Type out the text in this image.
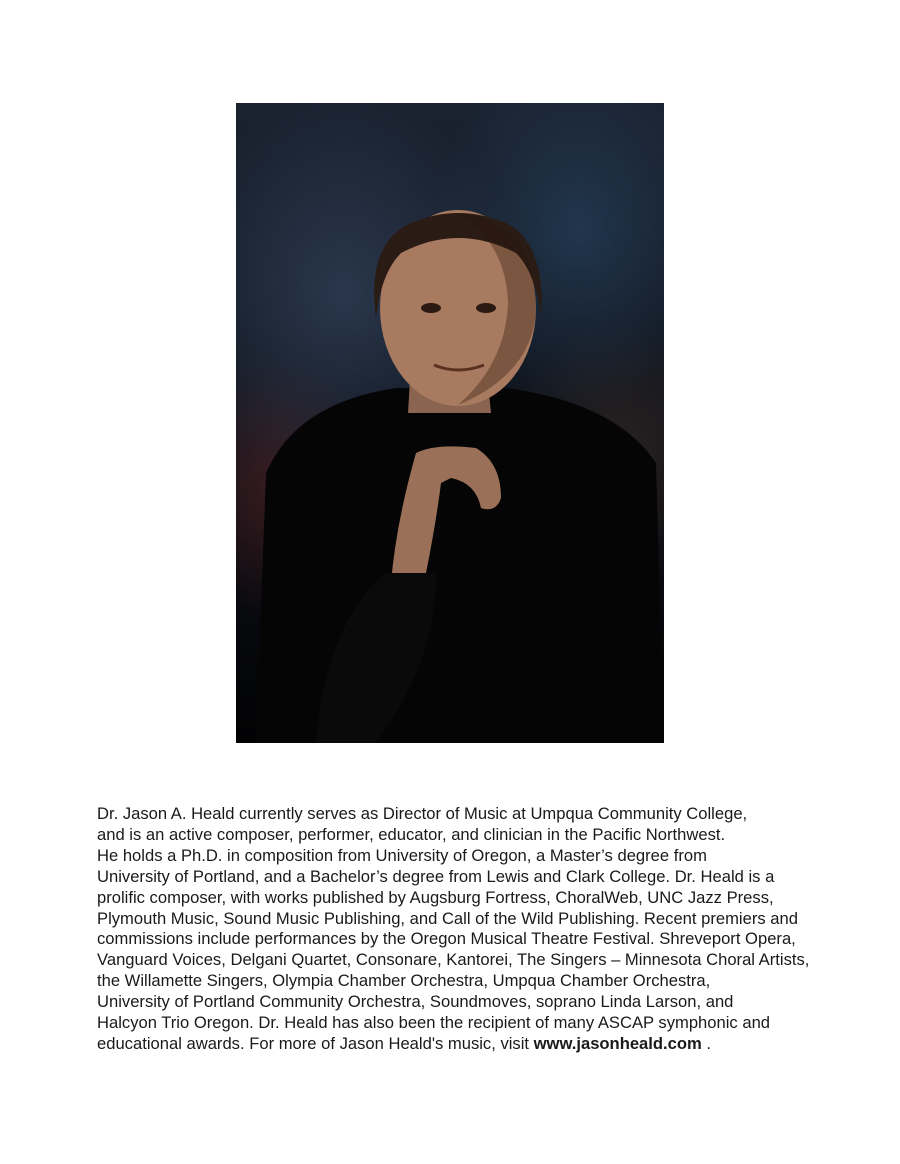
Dr. Jason A. Heald currently serves as Director of Music at Umpqua Community College,
and is an active composer, performer, educator, and clinician in the Pacific Northwest.
He holds a Ph.D. in composition from University of Oregon, a Master’s degree from
University of Portland, and a Bachelor’s degree from Lewis and Clark College. Dr. Heald is a
prolific composer, with works published by Augsburg Fortress, ChoralWeb, UNC Jazz Press,
Plymouth Music, Sound Music Publishing, and Call of the Wild Publishing. Recent premiers and
commissions include performances by the Oregon Musical Theatre Festival. Shreveport Opera,
Vanguard Voices, Delgani Quartet, Consonare, Kantorei, The Singers – Minnesota Choral Artists,
the Willamette Singers, Olympia Chamber Orchestra, Umpqua Chamber Orchestra,
University of Portland Community Orchestra, Soundmoves, soprano Linda Larson, and
Halcyon Trio Oregon. Dr. Heald has also been the recipient of many ASCAP symphonic and
educational awards. For more of Jason Heald's music, visit www.jasonheald.com .
